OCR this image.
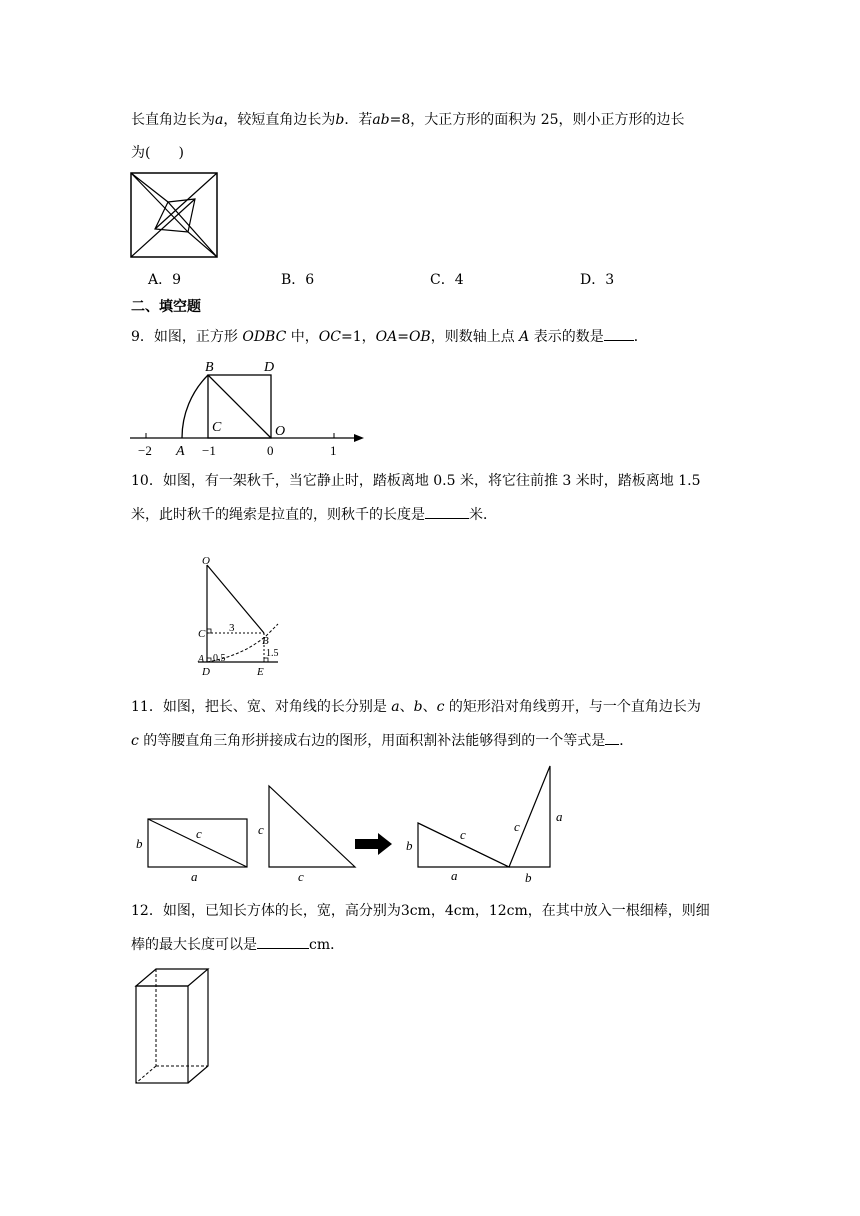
长直角边长为a，较短直角边长为b．若ab=8，大正方形的面积为 25，则小正方形的边长
为(　　)
A．9	B．6	C．4	D．3
二、填空题
9．如图，正方形 ODBC 中，OC=1，OA=OB，则数轴上点 A 表示的数是 ．
B	D
C	O
A
−2	−1	0	1
10．如图，有一架秋千，当它静止时，踏板离地 0.5 米，将它往前推 3 米时，踏板离地 1.5
米，此时秋千的绳索是拉直的，则秋千的长度是	米．
O
C 3
B
1.5
A 0.5
D	E
11．如图，把长、宽、对角线的长分别是 a、b、c 的矩形沿对角线剪开，与一个直角边长为
c 的等腰直角三角形拼接成右边的图形，用面积割补法能够得到的一个等式是 ．
b
c
a
c
c
b
c
a
c
a
b
12．如图，已知长方体的长，宽，高分别为3cm，4cm，12cm，在其中放入一根细棒，则细
棒的最大长度可以是	cm．
